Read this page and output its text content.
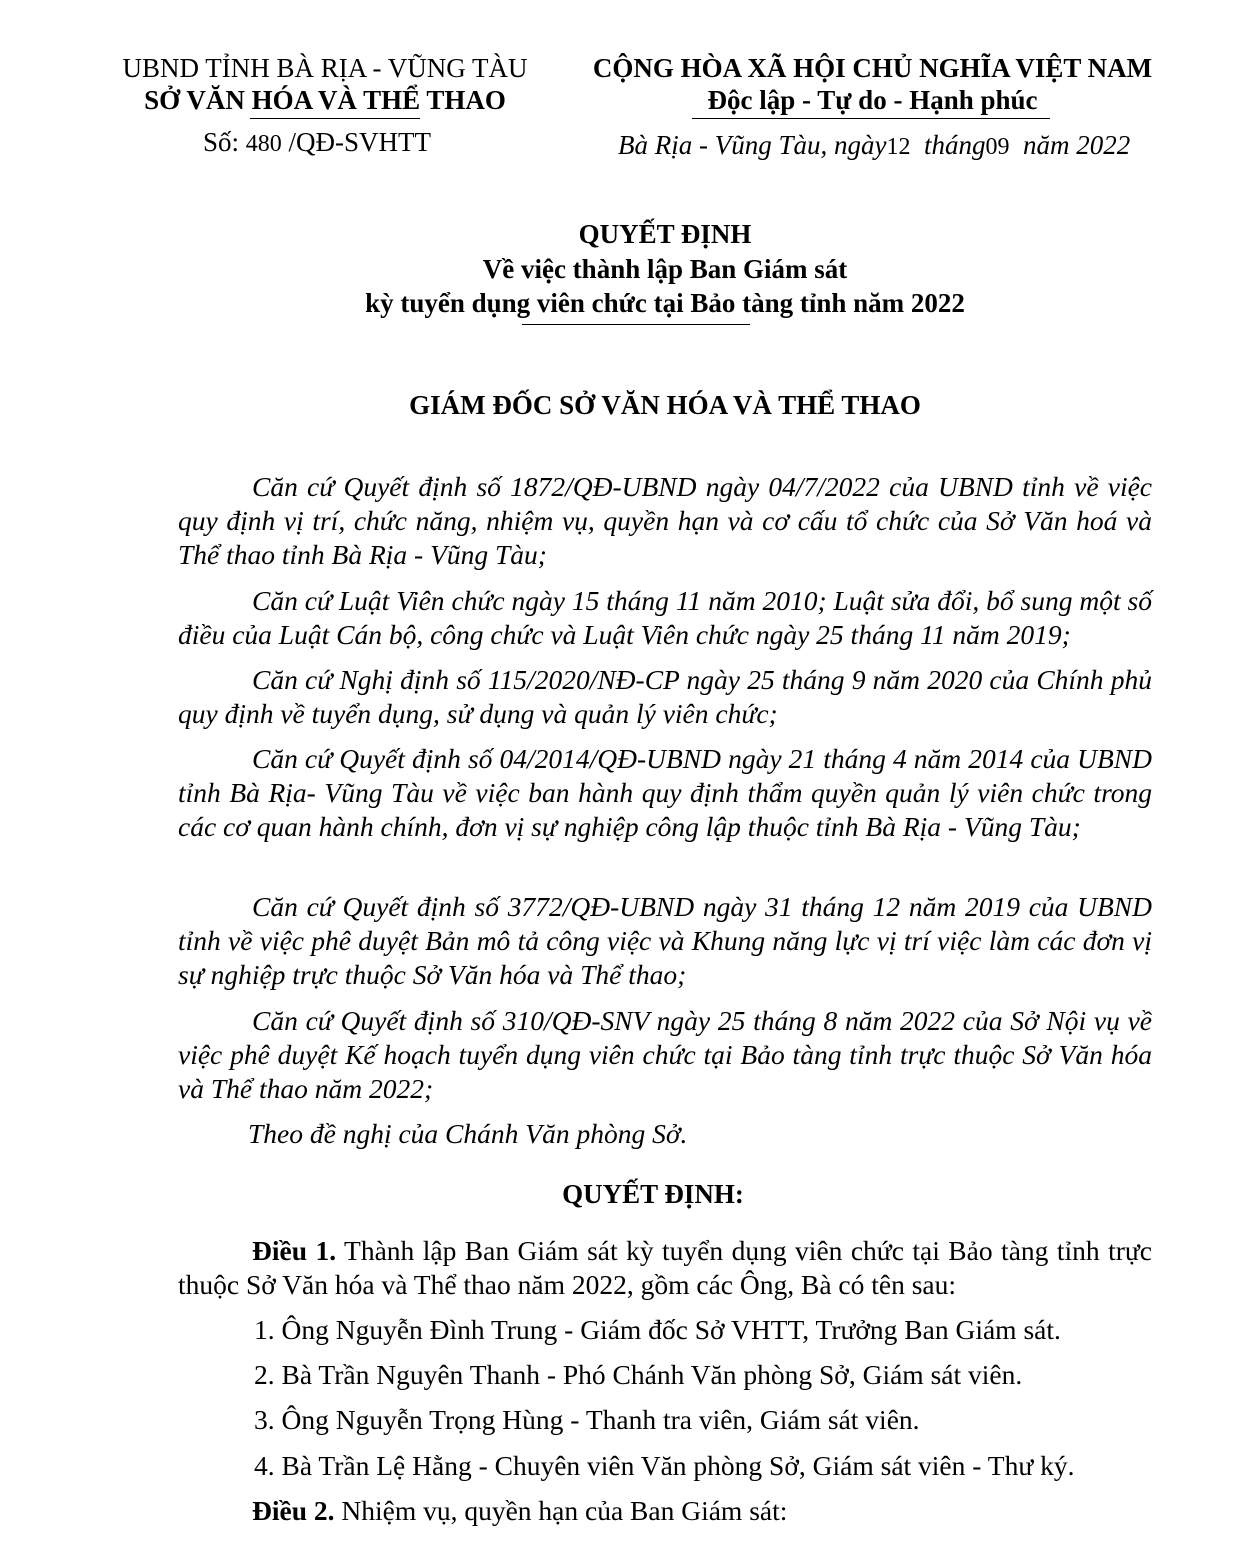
UBND TỈNH BÀ RỊA - VŨNG TÀU
SỞ VĂN HÓA VÀ THỂ THAO
Số: 480 /QĐ-SVHTT
CỘNG HÒA XÃ HỘI CHỦ NGHĨA VIỆT NAM
Độc lập - Tự do - Hạnh phúc
Bà Rịa - Vũng Tàu, ngày12 tháng09 năm 2022
QUYẾT ĐỊNH
Về việc thành lập Ban Giám sát
kỳ tuyển dụng viên chức tại Bảo tàng tỉnh năm 2022
GIÁM ĐỐC SỞ VĂN HÓA VÀ THỂ THAO
Căn cứ Quyết định số 1872/QĐ-UBND ngày 04/7/2022 của UBND tỉnh về việc quy định vị trí, chức năng, nhiệm vụ, quyền hạn và cơ cấu tổ chức của Sở Văn hoá và Thể thao tỉnh Bà Rịa - Vũng Tàu;
Căn cứ Luật Viên chức ngày 15 tháng 11 năm 2010; Luật sửa đổi, bổ sung một số điều của Luật Cán bộ, công chức và Luật Viên chức ngày 25 tháng 11 năm 2019;
Căn cứ Nghị định số 115/2020/NĐ-CP ngày 25 tháng 9 năm 2020 của Chính phủ quy định về tuyển dụng, sử dụng và quản lý viên chức;
Căn cứ Quyết định số 04/2014/QĐ-UBND ngày 21 tháng 4 năm 2014 của UBND tỉnh Bà Rịa- Vũng Tàu về việc ban hành quy định thẩm quyền quản lý viên chức trong các cơ quan hành chính, đơn vị sự nghiệp công lập thuộc tỉnh Bà Rịa - Vũng Tàu;
Căn cứ Quyết định số 3772/QĐ-UBND ngày 31 tháng 12 năm 2019 của UBND tỉnh về việc phê duyệt Bản mô tả công việc và Khung năng lực vị trí việc làm các đơn vị sự nghiệp trực thuộc Sở Văn hóa và Thể thao;
Căn cứ Quyết định số 310/QĐ-SNV ngày 25 tháng 8 năm 2022 của Sở Nội vụ về việc phê duyệt Kế hoạch tuyển dụng viên chức tại Bảo tàng tỉnh trực thuộc Sở Văn hóa và Thể thao năm 2022;
Theo đề nghị của Chánh Văn phòng Sở.
QUYẾT ĐỊNH:
Điều 1. Thành lập Ban Giám sát kỳ tuyển dụng viên chức tại Bảo tàng tỉnh trực thuộc Sở Văn hóa và Thể thao năm 2022, gồm các Ông, Bà có tên sau:
1. Ông Nguyễn Đình Trung - Giám đốc Sở VHTT, Trưởng Ban Giám sát.
2. Bà Trần Nguyên Thanh - Phó Chánh Văn phòng Sở, Giám sát viên.
3. Ông Nguyễn Trọng Hùng - Thanh tra viên, Giám sát viên.
4. Bà Trần Lệ Hằng - Chuyên viên Văn phòng Sở, Giám sát viên - Thư ký.
Điều 2. Nhiệm vụ, quyền hạn của Ban Giám sát:
